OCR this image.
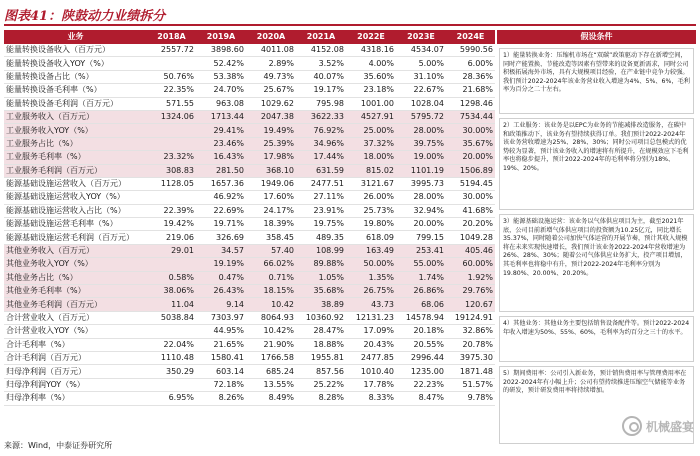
图表41：陕鼓动力业绩拆分
业务	2018A	2019A	2020A	2021A	2022E	2023E	2024E
能量转换设备收入（百万元）	2557.72	3898.60	4011.08	4152.08	4318.16	4534.07	5990.56
能量转换设备收入YOY（%）		52.42%	2.89%	3.52%	4.00%	5.00%	6.00%
能量转换设备占比（%）	50.76%	53.38%	49.73%	40.07%	35.60%	31.10%	28.36%
能量转换设备毛利率（%）	22.35%	24.70%	25.67%	19.17%	23.18%	22.67%	21.68%
能量转换设备毛利润（百万元）	571.55	963.08	1029.62	795.98	1001.00	1028.04	1298.46
工业服务收入（百万元）	1324.06	1713.44	2047.38	3622.33	4527.91	5795.72	7534.44
工业服务收入YOY（%）		29.41%	19.49%	76.92%	25.00%	28.00%	30.00%
工业服务占比（%）		23.46%	25.39%	34.96%	37.32%	39.75%	35.67%
工业服务毛利率（%）	23.32%	16.43%	17.98%	17.44%	18.00%	19.00%	20.00%
工业服务毛利润（百万元）	308.83	281.50	368.10	631.59	815.02	1101.19	1506.89
能源基础设施运营收入（百万元）	1128.05	1657.36	1949.06	2477.51	3121.67	3995.73	5194.45
能源基础设施运营收入YOY（%）		46.92%	17.60%	27.11%	26.00%	28.00%	30.00%
能源基础设施运营收入占比（%）	22.39%	22.69%	24.17%	23.91%	25.73%	32.94%	41.68%
能源基础设施运营毛利率（%）	19.42%	19.71%	18.39%	19.75%	19.80%	20.00%	20.20%
能源基础设施运营毛利润（百万元）	219.06	326.69	358.45	489.35	618.09	799.15	1049.28
其他业务收入（百万元）	29.01	34.57	57.40	108.99	163.49	253.41	405.46
其他业务收入YOY（%）		19.19%	66.02%	89.88%	50.00%	55.00%	60.00%
其他业务占比（%）	0.58%	0.47%	0.71%	1.05%	1.35%	1.74%	1.92%
其他业务毛利率（%）	38.06%	26.43%	18.15%	35.68%	26.75%	26.86%	29.76%
其他业务毛利润（百万元）	11.04	9.14	10.42	38.89	43.73	68.06	120.67
合计营业收入（百万元）	5038.84	7303.97	8064.93	10360.92	12131.23	14578.94	19124.91
合计营业收入YOY（%）		44.95%	10.42%	28.47%	17.09%	20.18%	32.86%
合计毛利率（%）	22.04%	21.65%	21.90%	18.88%	20.43%	20.55%	20.78%
合计毛利润（百万元）	1110.48	1580.41	1766.58	1955.81	2477.85	2996.44	3975.30
归母净利润（百万元）	350.29	603.14	685.24	857.56	1010.40	1235.00	1871.48
归母净利润YOY（%）		72.18%	13.55%	25.22%	17.78%	22.23%	51.57%
归母净利率（%）	6.95%	8.26%	8.49%	8.28%	8.33%	8.47%	9.78%
假设条件
1）能量转换业务：压缩机市场在“双碳”政策驱动下存在新增空间，同时产能置换、节能改造等因素有望带来的设备更新需求，同时公司积极拓展海外市场，具有大规模项目经验，在产业链中竞争力较强。我们预计2022-2024年该业务营业收入增速为4%、5%、6%，毛利率为百分之二十左右。
2）工业服务：该业务是以EPC为业务的节能减排改造服务，在碳中和政策推动下，该业务有望持续获得订单。我们预计2022-2024年该业务营收增速为25%、28%、30%；同时公司项目总包模式的优势较为显著，预计该业务收入的增速将有所提升，在规模效应下毛利率也将稳步提升，预计2022-2024年的毛利率将分别为18%、19%、20%。
3）能源基础设施运营：该业务以气体供应项目为主，截至2021年底，公司目前新增气体供应项目的投资额为10.25亿元，同比增长35.37%，同时随着公司加快气体运营的开展节奏，预计其收入规模将在未来实现快速增长，我们预计该业务2022-2024年营收增速为26%、28%、30%；随着公司气体供应业务扩大，投产项目增加，其毛利率也将稳中有升，预计2022-2024年毛利率分别为19.80%、20.00%、20.20%。
4）其他业务：其他业务主要包括销售设备配件等。预计2022-2024年收入增速为50%、55%、60%，毛利率为约百分之三十的水平。
5）期间费用率：公司引入新业务，预计销售费用率与管理费用率在2022-2024年有小幅上升；公司有望持续推进压缩空气储能等业务的研发，预计研发费用率将持续增加。
来源：Wind，中泰证券研究所
机械盛宴
